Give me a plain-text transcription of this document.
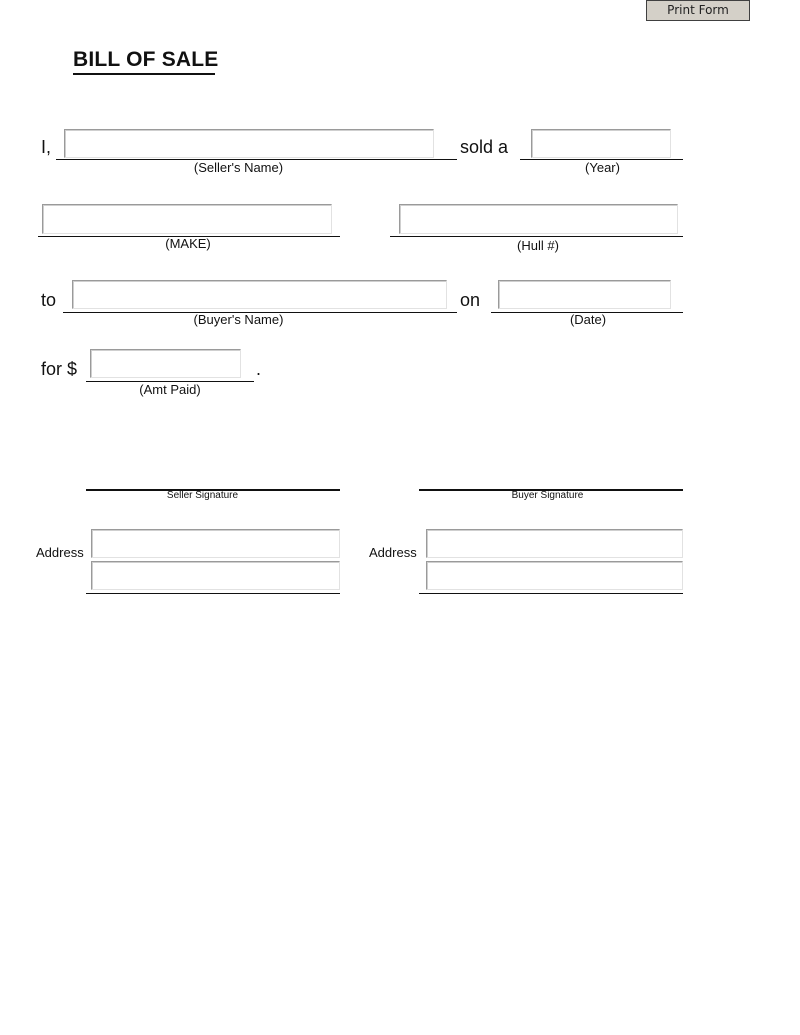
Print Form
BILL OF SALE
I,
(Seller's Name)
sold a
(Year)
(MAKE)	(Hull #)
to
(Buyer's Name)
on
(Date)
for $	.
(Amt Paid)
Seller Signature	Buyer Signature
Address	Address
